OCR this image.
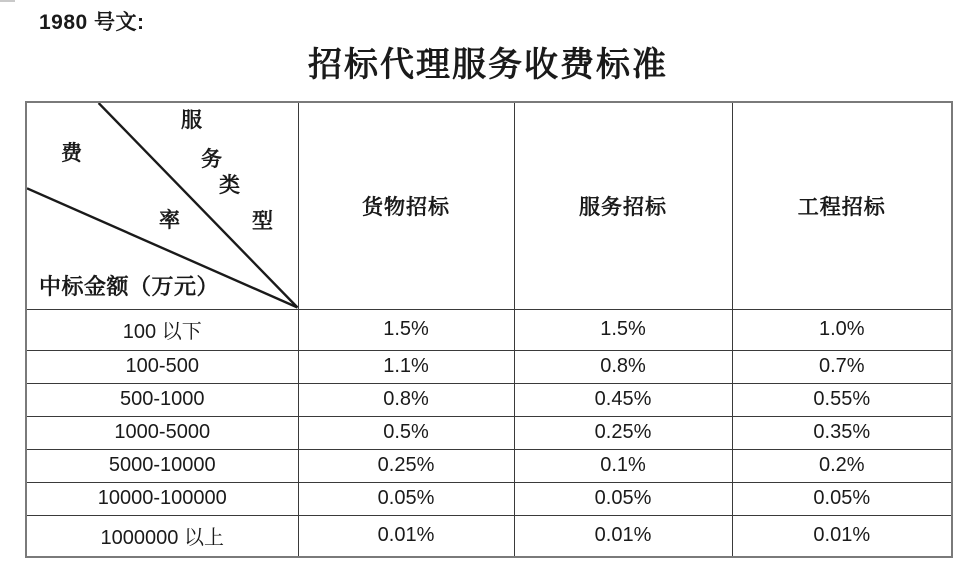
1980 号文:
招标代理服务收费标准
服
务
类
型
费
率
中标金额（万元）
	货物招标	服务招标	工程招标
100 以下	1.5%	1.5%	1.0%
100-500	1.1%	0.8%	0.7%
500-1000	0.8%	0.45%	0.55%
1000-5000	0.5%	0.25%	0.35%
5000-10000	0.25%	0.1%	0.2%
10000-100000	0.05%	0.05%	0.05%
1000000 以上	0.01%	0.01%	0.01%
